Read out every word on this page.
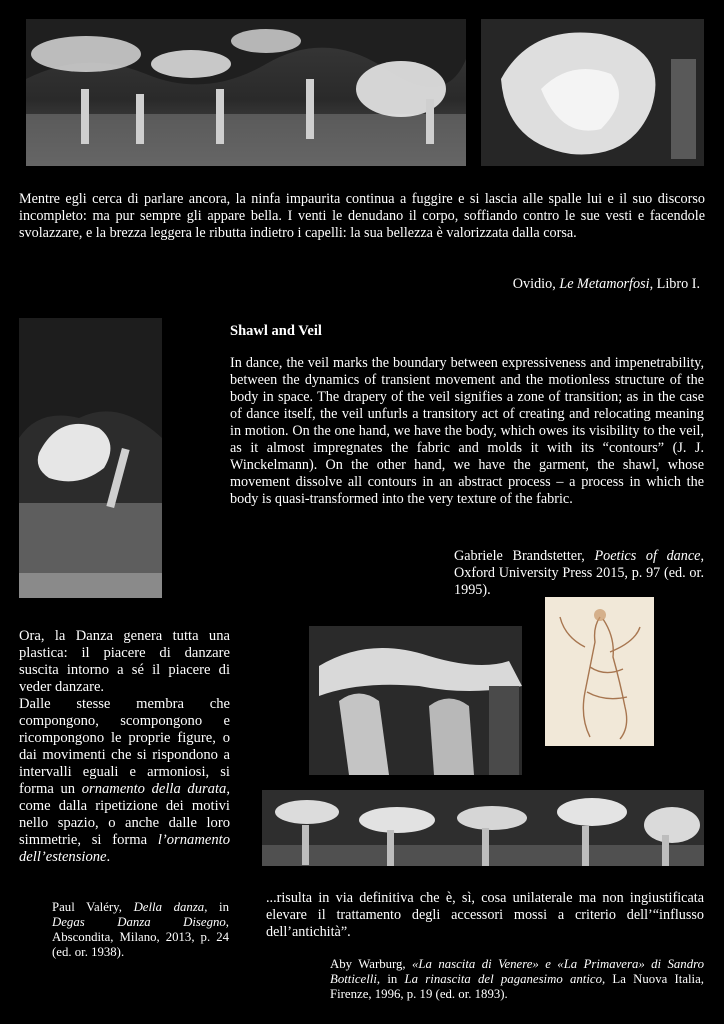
Mentre egli cerca di parlare ancora, la ninfa impaurita continua a fuggire e si lascia alle spalle lui e il suo discorso incompleto: ma pur sempre gli appare bella. I venti le denudano il corpo, soffiando contro le sue vesti e facendole svolazzare, e la brezza leggera le ributta indietro i capelli: la sua bellezza è valorizzata dalla corsa.
Ovidio, Le Metamorfosi, Libro I.
Shawl and Veil
In dance, the veil marks the boundary between expressiveness and impenetrability, between the dynamics of transient movement and the motionless structure of the body in space. The drapery of the veil signifies a zone of transition; as in the case of dance itself, the veil unfurls a transitory act of creating and relocating meaning in motion. On the one hand, we have the body, which owes its visibility to the veil, as it almost impregnates the fabric and molds it with its “contours” (J. J. Winckelmann). On the other hand, we have the garment, the shawl, whose movement dissolve all contours in an abstract process – a process in which the body is quasi-transformed into the very texture of the fabric.
Gabriele Brandstetter, Poetics of dance, Oxford University Press 2015, p. 97 (ed. or. 1995).
Ora, la Danza genera tutta una plastica: il piacere di danzare suscita intorno a sé il piacere di veder danzare.
Dalle stesse membra che compongono, scompongono e ricompongono le proprie figure, o dai movimenti che si rispondono a intervalli eguali e armoniosi, si forma un ornamento della durata, come dalla ripetizione dei motivi nello spazio, o anche dalle loro simmetrie, si forma l’ornamento dell’estensione.
Paul Valéry, Della danza, in Degas Danza Disegno, Abscondita, Milano, 2013, p. 24 (ed. or. 1938).
...risulta in via definitiva che è, sì, cosa unilaterale ma non ingiustificata elevare il trattamento degli accessori mossi a criterio dell’“influsso dell’antichità”.
Aby Warburg, «La nascita di Venere» e «La Primavera» di Sandro Botticelli, in La rinascita del paganesimo antico, La Nuova Italia, Firenze, 1996, p. 19 (ed. or. 1893).
